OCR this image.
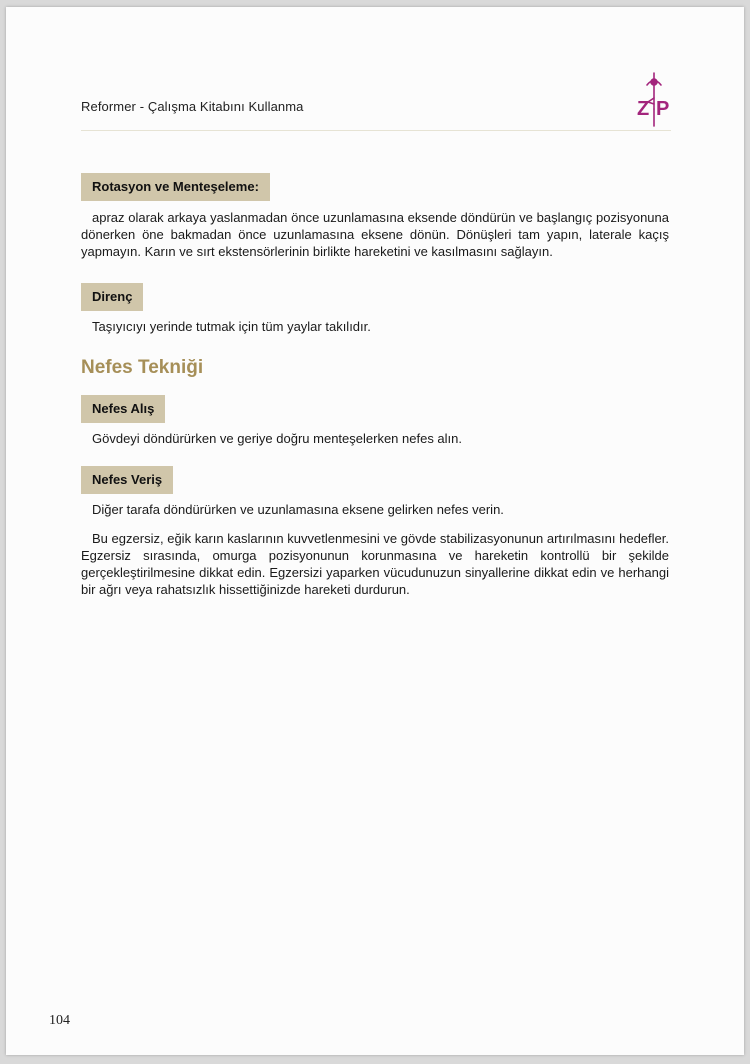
Reformer - Çalışma Kitabını Kullanma	Z P
Rotasyon ve Menteşeleme:
apraz olarak arkaya yaslanmadan önce uzunlamasına eksende döndürün ve başlangıç pozisyonuna dönerken öne bakmadan önce uzunlamasına eksene dönün. Dönüşleri tam yapın, laterale kaçış yapmayın. Karın ve sırt ekstensörlerinin birlikte hareketini ve kasılmasını sağlayın.
Direnç
Taşıyıcıyı yerinde tutmak için tüm yaylar takılıdır.
Nefes Tekniği
Nefes Alış
Gövdeyi döndürürken ve geriye doğru menteşelerken nefes alın.
Nefes Veriş
Diğer tarafa döndürürken ve uzunlamasına eksene gelirken nefes verin.
Bu egzersiz, eğik karın kaslarının kuvvetlenmesini ve gövde stabilizasyonunun artırılmasını hedefler. Egzersiz sırasında, omurga pozisyonunun korunmasına ve hareketin kontrollü bir şekilde gerçekleştirilmesine dikkat edin. Egzersizi yaparken vücudunuzun sinyallerine dikkat edin ve herhangi bir ağrı veya rahatsızlık hissettiğinizde hareketi durdurun.
104
